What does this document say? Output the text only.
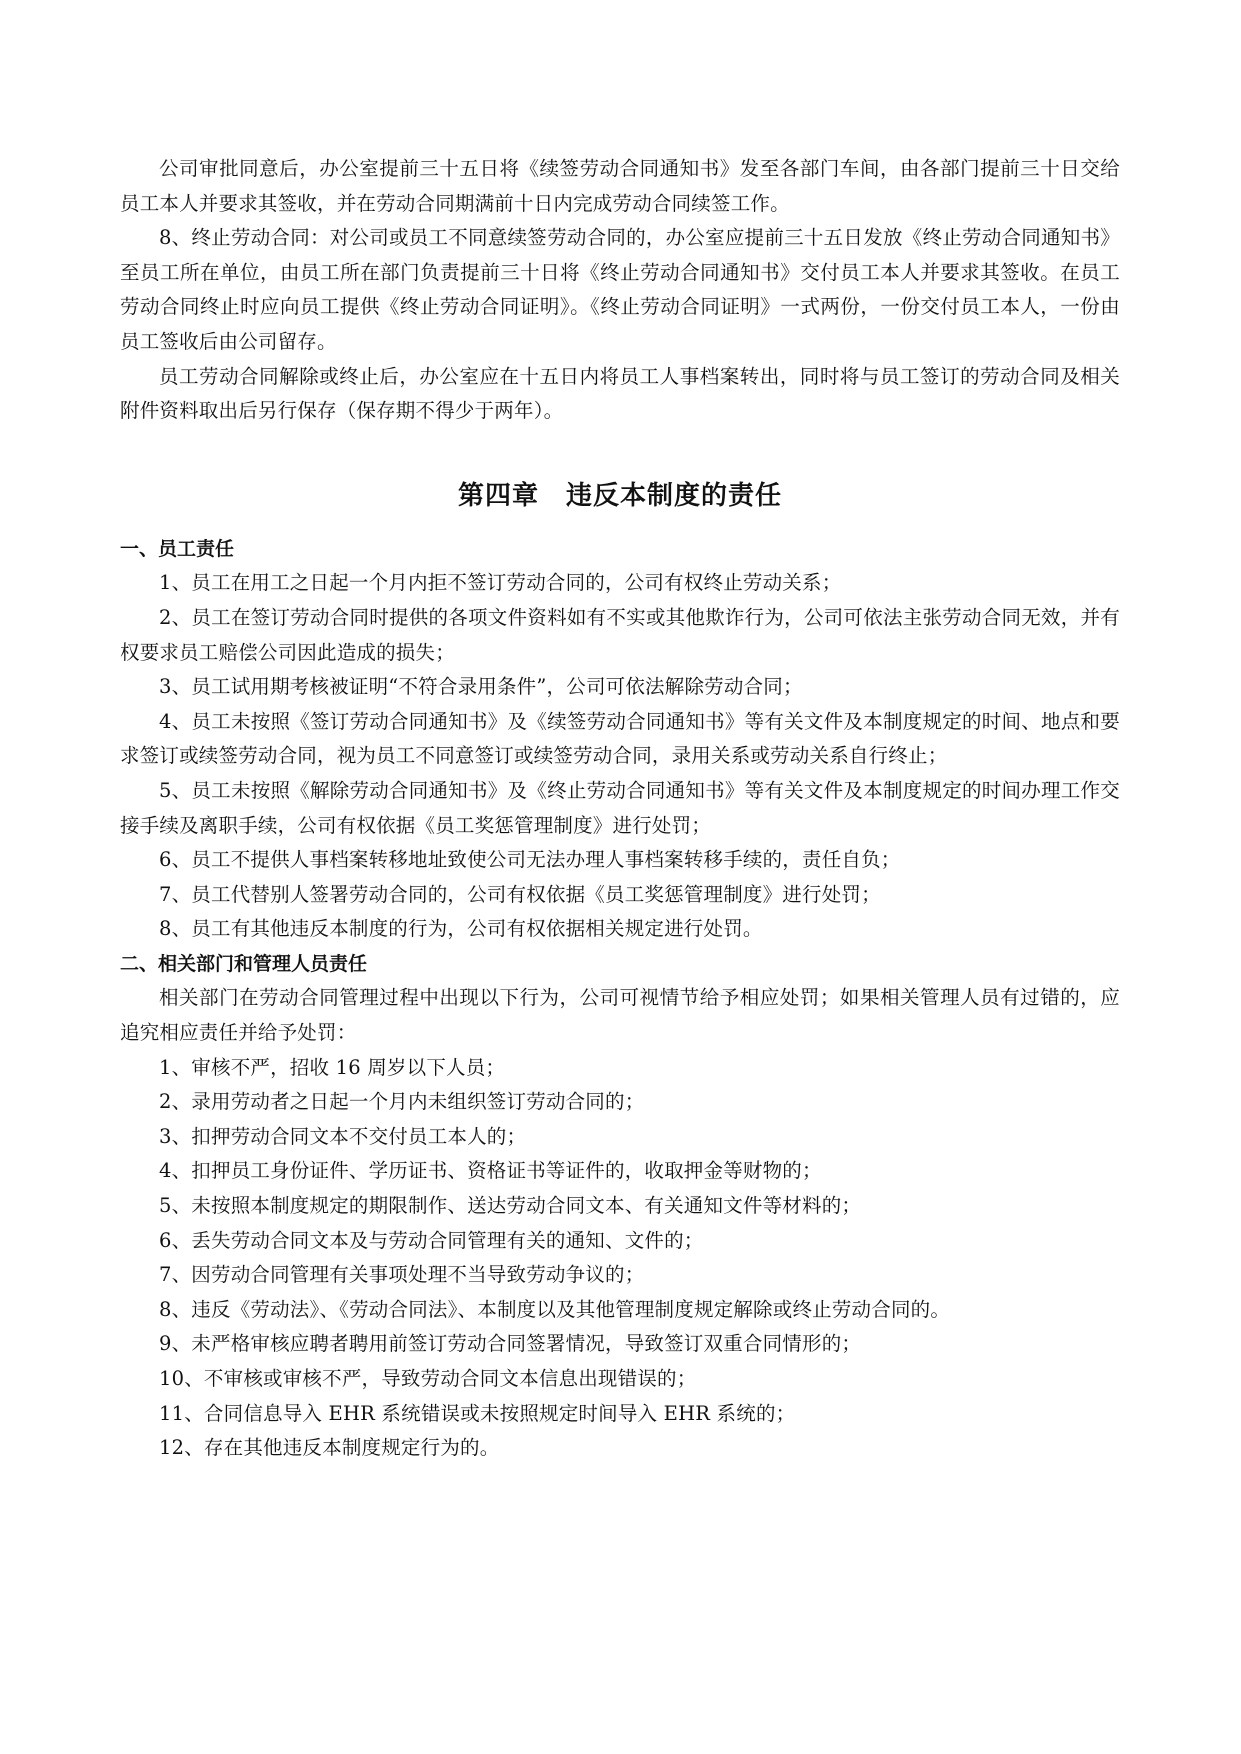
公司审批同意后，办公室提前三十五日将《续签劳动合同通知书》发至各部门车间，由各部门提前三十日交给员工本人并要求其签收，并在劳动合同期满前十日内完成劳动合同续签工作。

8、终止劳动合同：对公司或员工不同意续签劳动合同的，办公室应提前三十五日发放《终止劳动合同通知书》至员工所在单位，由员工所在部门负责提前三十日将《终止劳动合同通知书》交付员工本人并要求其签收。在员工劳动合同终止时应向员工提供《终止劳动合同证明》。《终止劳动合同证明》一式两份，一份交付员工本人，一份由员工签收后由公司留存。

员工劳动合同解除或终止后，办公室应在十五日内将员工人事档案转出，同时将与员工签订的劳动合同及相关附件资料取出后另行保存（保存期不得少于两年）。

第四章　违反本制度的责任
一、员工责任

1、员工在用工之日起一个月内拒不签订劳动合同的，公司有权终止劳动关系；

2、员工在签订劳动合同时提供的各项文件资料如有不实或其他欺诈行为，公司可依法主张劳动合同无效，并有权要求员工赔偿公司因此造成的损失；

3、员工试用期考核被证明“不符合录用条件”，公司可依法解除劳动合同；

4、员工未按照《签订劳动合同通知书》及《续签劳动合同通知书》等有关文件及本制度规定的时间、地点和要求签订或续签劳动合同，视为员工不同意签订或续签劳动合同，录用关系或劳动关系自行终止；

5、员工未按照《解除劳动合同通知书》及《终止劳动合同通知书》等有关文件及本制度规定的时间办理工作交接手续及离职手续，公司有权依据《员工奖惩管理制度》进行处罚；

6、员工不提供人事档案转移地址致使公司无法办理人事档案转移手续的，责任自负；

7、员工代替别人签署劳动合同的，公司有权依据《员工奖惩管理制度》进行处罚；

8、员工有其他违反本制度的行为，公司有权依据相关规定进行处罚。

二、相关部门和管理人员责任

相关部门在劳动合同管理过程中出现以下行为，公司可视情节给予相应处罚；如果相关管理人员有过错的，应追究相应责任并给予处罚：

1、审核不严，招收 16 周岁以下人员；

2、录用劳动者之日起一个月内未组织签订劳动合同的；

3、扣押劳动合同文本不交付员工本人的；

4、扣押员工身份证件、学历证书、资格证书等证件的，收取押金等财物的；

5、未按照本制度规定的期限制作、送达劳动合同文本、有关通知文件等材料的；

6、丢失劳动合同文本及与劳动合同管理有关的通知、文件的；

7、因劳动合同管理有关事项处理不当导致劳动争议的；

8、违反《劳动法》、《劳动合同法》、本制度以及其他管理制度规定解除或终止劳动合同的。

9、未严格审核应聘者聘用前签订劳动合同签署情况，导致签订双重合同情形的；

10、不审核或审核不严，导致劳动合同文本信息出现错误的；

11、合同信息导入 EHR 系统错误或未按照规定时间导入 EHR 系统的；

12、存在其他违反本制度规定行为的。
